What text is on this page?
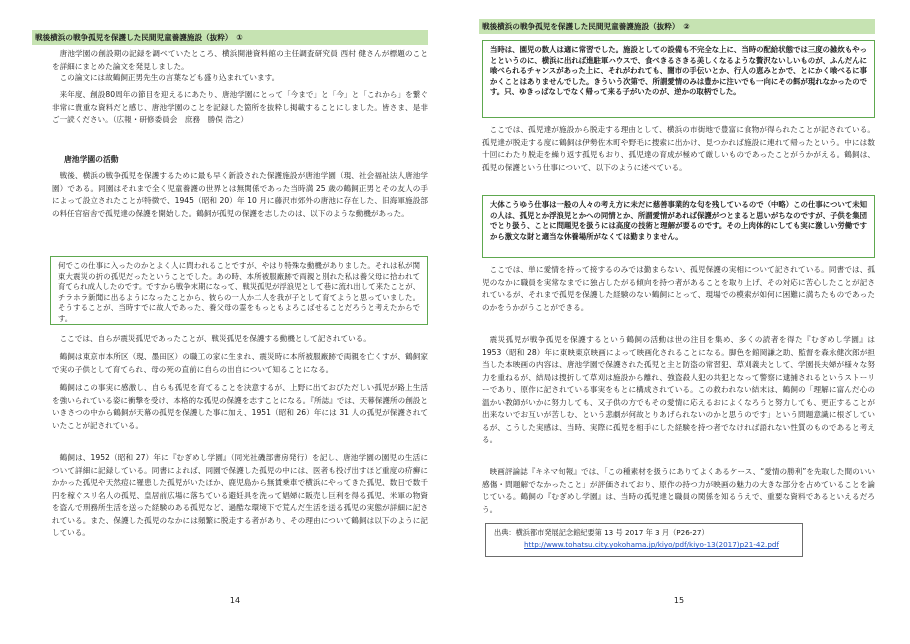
戦後横浜の戦争孤児を保護した民間児童養護施設（抜粋）　①

唐池学園の創設期の記録を調べていたところ、横浜開港資料館の主任調査研究員 西村 健さんが標題のことを詳細にまとめた論文を発見しました。

この論文には故鶴飼正男先生の言葉なども盛り込まれています。

来年度、創設80周年の節目を迎えるにあたり、唐池学園にとって「今まで」と「今」と「これから」を繋ぐ非常に貴重な資料だと感じ、唐池学園のことを記録した箇所を抜粋し掲載することにしました。皆さま、是非ご一読ください。（広報・研修委員会　庶務　勝俣 浩之）

唐池学園の活動

戦後、横浜の戦争孤児を保護するために最も早く新設された保護施設が唐池学園（現、社会福祉法人唐池学園）である。同園はそれまで全く児童養護の世界とは無関係であった当時満 25 歳の鶴飼正男とその友人の手によって設立されたことが特徴で、1945（昭和 20）年 10 月に藤沢市郊外の唐池に存在した、旧海軍施設部の料任官宿舎で孤児達の保護を開始した。鶴飼が孤児の保護を志したのは、以下のような動機があった。

何でこの仕事に入ったのかとよく人に問われることですが、やはり特殊な動機がありました。それは私が関東大震災の折の孤児だったということでした。あの時、本所被服廠跡で両親と別れた私は養父母に拾われて育てられ成人したのです。ですから戦争末期になって、戦災孤児が浮浪児として巷に流れ出して来たことが、チラホラ新聞に出るようになったことから、彼らの一人か二人を我が子として育てようと思っていました。そうすることが、当時すでに故人であった、養父母の霊をもっともよろこばせることだろうと考えたからです。

ここでは、自らが震災孤児であったことが、戦災孤児を保護する動機として記されている。

鶴飼は東京市本所区（現、墨田区）の職工の家に生まれ、震災時に本所被服廠跡で両親を亡くすが、鶴飼家で実の子供として育てられ、母の死の直前に自らの出自について知ることになる。

鶴飼はこの事実に感激し、自らも孤児を育てることを決意するが、上野に出ておびただしい孤児が路上生活を強いられている姿に衝撃を受け、本格的な孤児の保護を志すことになる。『所誌』では、天幕保護所の創設といきさつの中から鶴飼が天幕の孤児を保護した事に加え、1951（昭和 26）年には 31 人の孤児が保護されていたことが記されている。

鶴飼は、1952（昭和 27）年に『むぎめし学園』（同光社磯部書房発行）を記し、唐池学園の園児の生活について詳細に記録している。同書によれば、同園で保護した孤児の中には、医者も投げ出すほど重度の疥癬にかかった孤児や天然痘に罹患した孤児がいたほか、鹿児島から無賃乗車で横浜にやってきた孤児、数日で数千円を稼ぐスリ名人の孤児、皇居前広場に落ちている避妊具を洗って娼婦に販売し巨利を得る孤児、米軍の物資を盗んで刑務所生活を送った経験のある孤児など、過酷な環境下で荒んだ生活を送る孤児の実態が詳細に記されている。また、保護した孤児のなかには頻繁に脱走する者があり、その理由について鶴飼は以下のように記している。

14
戦後横浜の戦争孤児を保護した民間児童養護施設（抜粋）　②

当時は、園児の数人は適に常習でした。施設としての設備も不完全な上に、当時の配給状態では三度の雑炊もやっとというのに、横浜に出れば進駐軍ハウスで、食べきるさきる美しくなるような贅沢ないしいものが、ふんだんに喰べられるチャンスがあった上に、それがわれても、闇市の手伝いとか、行人の恵みとかで、とにかく喰べるに事かくことはありませんでした。きういう次第で、所謂愛情のみは豊かに注いでも一向にその餌が現れなかったのです。只、ゆきっぱなしでなく帰って来る子がいたのが、逆かの取柄でした。

ここでは、孤児達が施設から脱走する理由として、横浜の市街地で豊富に食物が得られたことが記されている。孤児達が脱走する度に鶴飼は伊勢佐木町や野毛に捜索に出かけ、見つかれば施設に連れて帰ったという。中には数十回にわたり脱走を繰り返す孤児もおり、孤児達の育成が極めて厳しいものであったことがうかがえる。鶴飼は、孤児の保護という仕事について、以下のように述べている。

大体こうゆう仕事は一般の人々の考え方に未だに慈善事業的な匂を残しているので（中略）この仕事について未知の人は、孤児とか浮浪児とかへの同情とか、所謂愛情があれば保護がつとまると思いがちなのですが、子供を集団でとり扱う、ことに問題児を扱うには高度の技術と理解が要るのです。その上肉体的にしても実に激しい労働ですから激文な財と適当な休養場所がなくては勤まりません。

ここでは、単に愛情を持って接するのみでは勤まらない、孤児保護の実相について記されている。同書では、孤児のなかに職員を実常なまでに独占したがる傾向を持つ者があることを取り上げ、その対応に苦心したことが記されているが、それまで孤児を保護した経験のない鶴飼にとって、現場での模索が如何に困難に満ちたものであったのかをうかがうことができる。

震災孤児が戦争孤児を保護するという鶴飼の活動は世の注目を集め、多くの読者を得た『むぎめし学園』は 1953（昭和 28）年に東映東京映画によって映画化されることになる。脚色を館岡謙之助、監督を森永健次郎が担当した本映画の内容は、唐池学園で保護された孤児と主と防盗の常習犯、草刈義夫として、学園長夫婦が様々な努力を重ねるが、結局は捜折して草刈は施設から離れ、強盗殺人犯の共犯となって警察に逮捕されるというストーリーであり、原作に記されている事実をもとに構成されている。この救われない結末は、鶴飼の「理解に富んだ心の温かい教師がいかに努力しても、又子供の方でもその愛情に応えるおによくなろうと努力しても、更正することが出来ないでお互いが苦しむ、という悲劇が何故とりあげられないのかと思うのです」という問題意識に根ざしているが、こうした実感は、当時、実際に孤児を相手にした経験を持つ者でなければ語れない性質のものであると考える。

映画評論誌『キネマ旬報』では、「この種素材を扱うにありてよくあるケース、“愛情の勝利”を先取した間のいい感傷・問題解でなかったこと」が評価されており、原作の持つ力が映画の魅力の大きな部分を占めていることを論じている。鶴飼の『むぎめし学園』は、当時の孤児達と職員の関係を知るうえで、重要な資料であるといえるだろう。

出典：横浜都市発展記念館紀要第 13 号 2017 年 3 月（P26-27）
http://www.tohatsu.city.yokohama.jp/kiyo/pdf/kiyo-13(2017)p21-42.pdf
15
